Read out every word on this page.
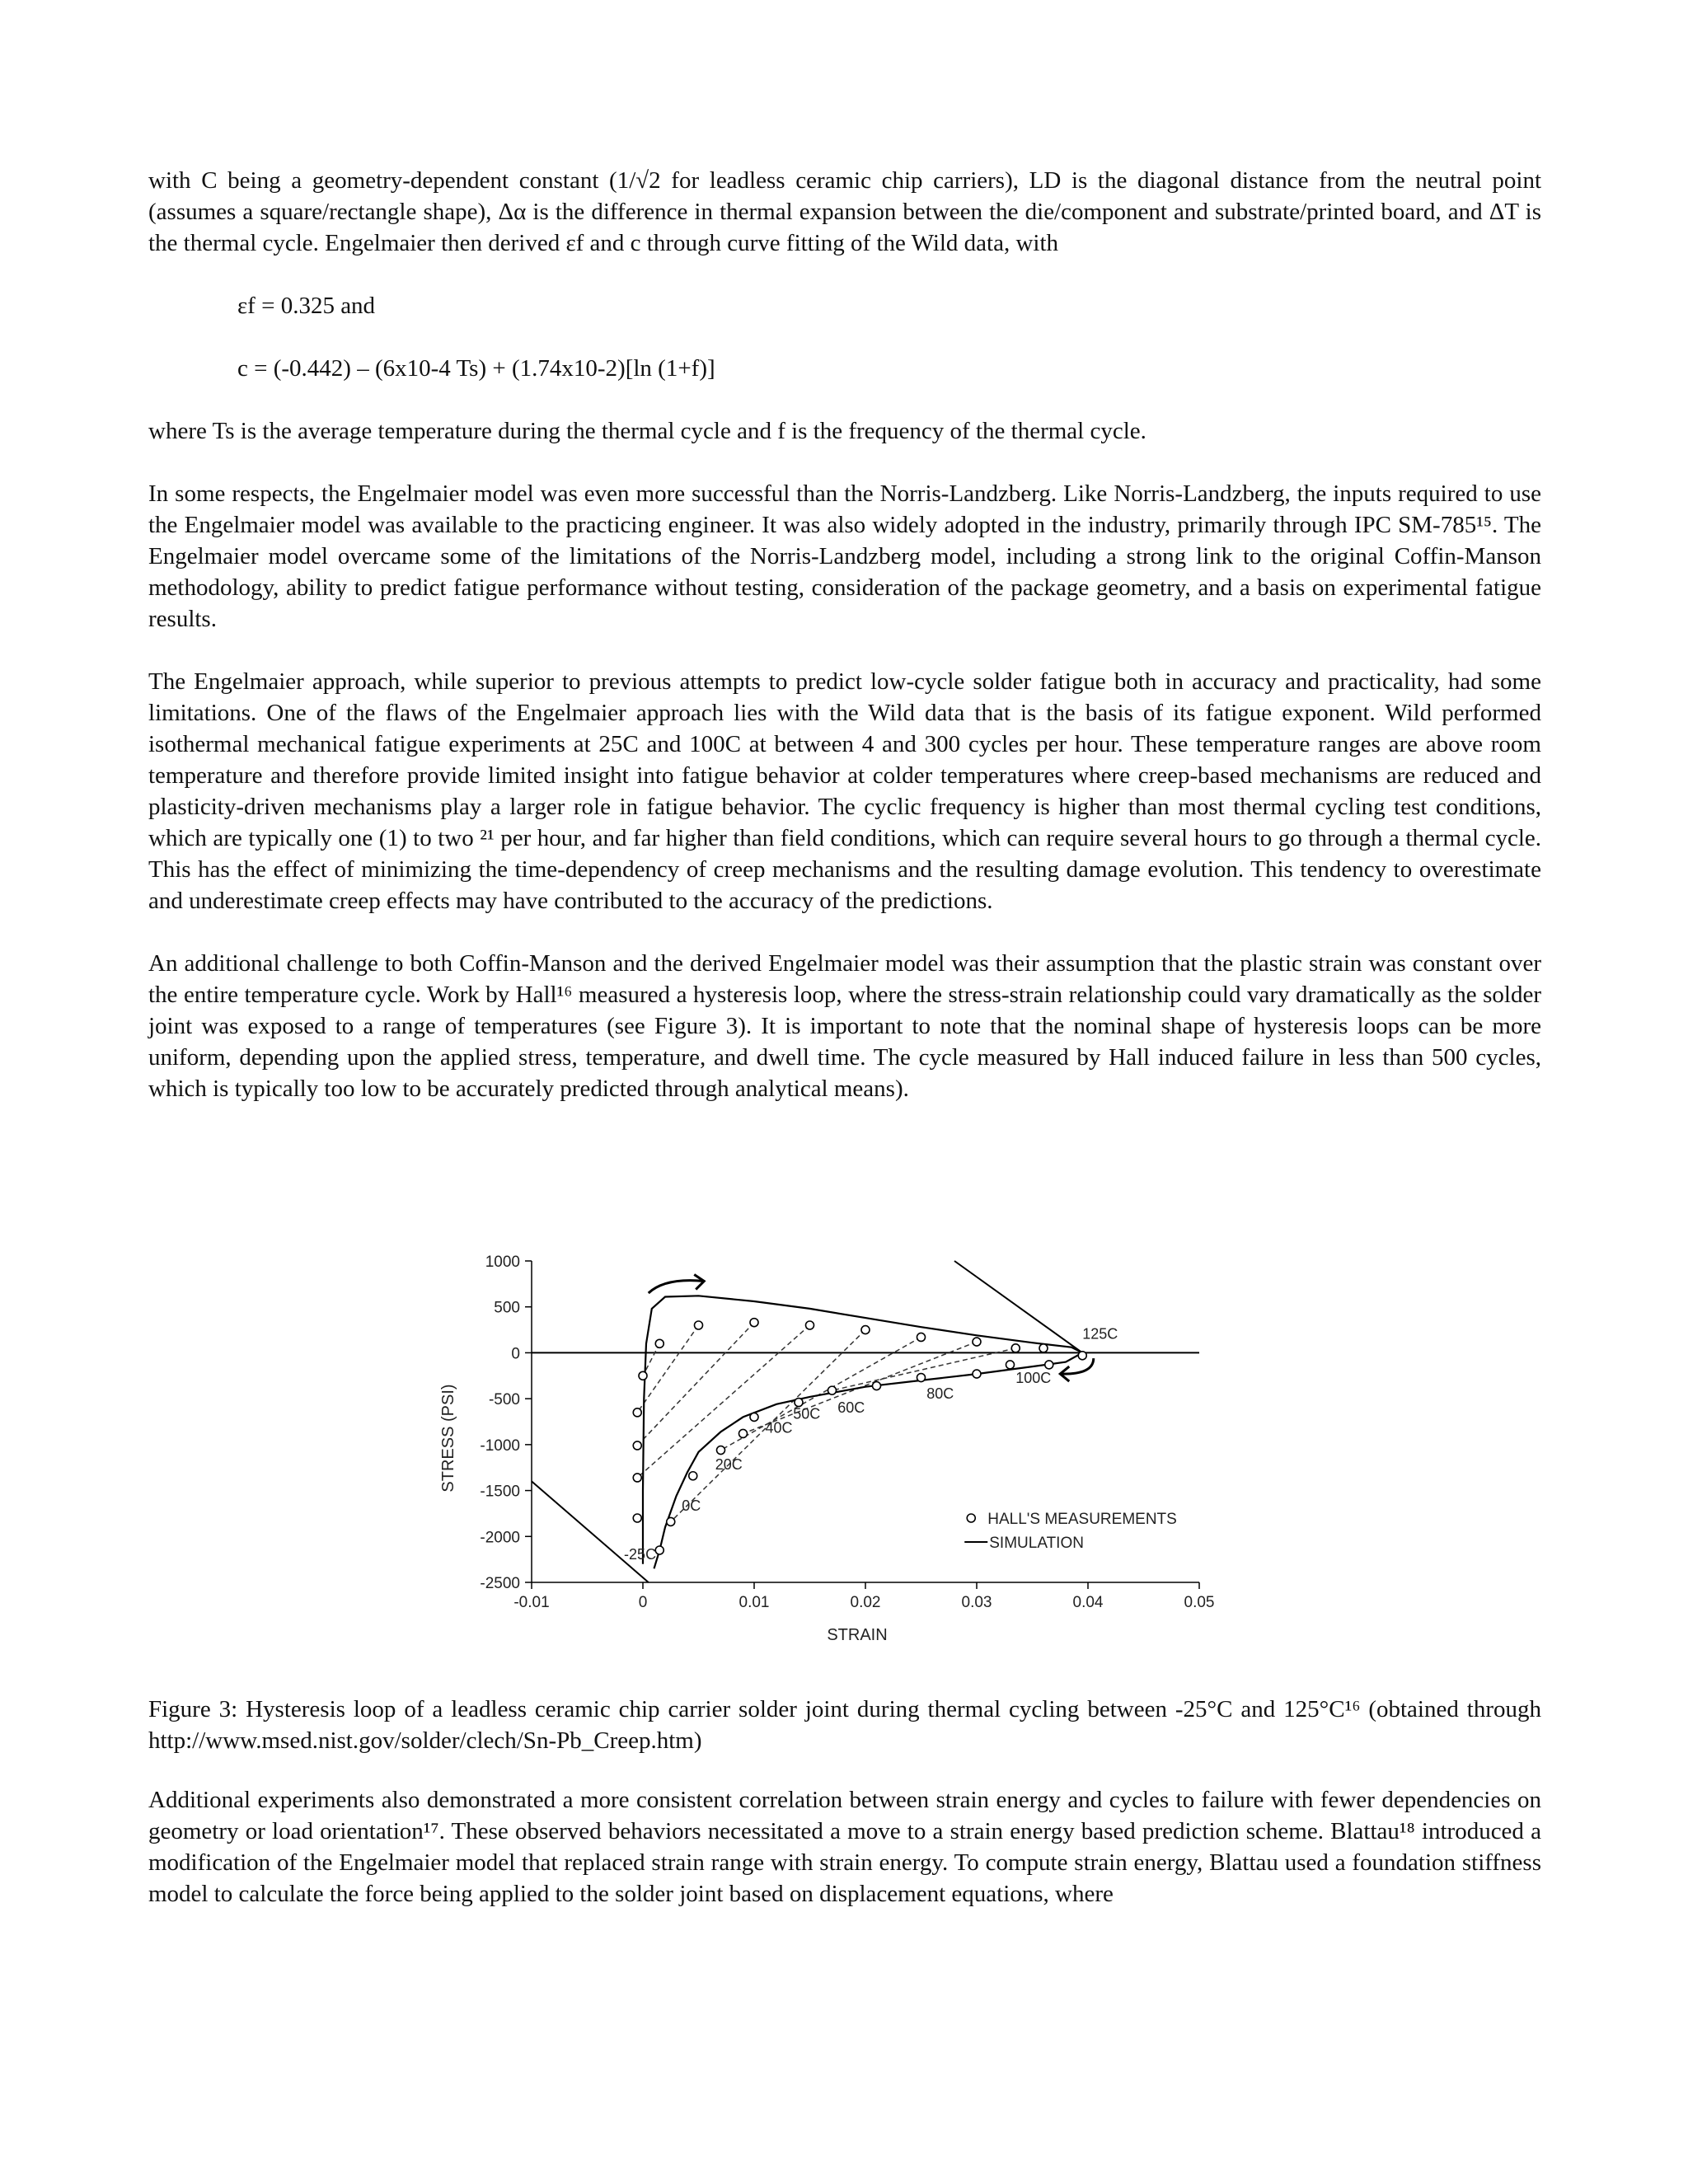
with C being a geometry-dependent constant (1/√2 for leadless ceramic chip carriers), LD is the diagonal distance from the neutral point (assumes a square/rectangle shape), Δα is the difference in thermal expansion between the die/component and substrate/printed board, and ΔT is the thermal cycle. Engelmaier then derived εf and c through curve fitting of the Wild data, with

εf = 0.325 and

c = (-0.442) – (6x10-4 Ts) + (1.74x10-2)[ln (1+f)]

where Ts is the average temperature during the thermal cycle and f is the frequency of the thermal cycle.

In some respects, the Engelmaier model was even more successful than the Norris-Landzberg. Like Norris-Landzberg, the inputs required to use the Engelmaier model was available to the practicing engineer. It was also widely adopted in the industry, primarily through IPC SM-785¹⁵. The Engelmaier model overcame some of the limitations of the Norris-Landzberg model, including a strong link to the original Coffin-Manson methodology, ability to predict fatigue performance without testing, consideration of the package geometry, and a basis on experimental fatigue results.

The Engelmaier approach, while superior to previous attempts to predict low-cycle solder fatigue both in accuracy and practicality, had some limitations. One of the flaws of the Engelmaier approach lies with the Wild data that is the basis of its fatigue exponent. Wild performed isothermal mechanical fatigue experiments at 25C and 100C at between 4 and 300 cycles per hour. These temperature ranges are above room temperature and therefore provide limited insight into fatigue behavior at colder temperatures where creep-based mechanisms are reduced and plasticity-driven mechanisms play a larger role in fatigue behavior. The cyclic frequency is higher than most thermal cycling test conditions, which are typically one (1) to two ²¹ per hour, and far higher than field conditions, which can require several hours to go through a thermal cycle. This has the effect of minimizing the time-dependency of creep mechanisms and the resulting damage evolution. This tendency to overestimate and underestimate creep effects may have contributed to the accuracy of the predictions.

An additional challenge to both Coffin-Manson and the derived Engelmaier model was their assumption that the plastic strain was constant over the entire temperature cycle. Work by Hall¹⁶ measured a hysteresis loop, where the stress-strain relationship could vary dramatically as the solder joint was exposed to a range of temperatures (see Figure 3). It is important to note that the nominal shape of hysteresis loops can be more uniform, depending upon the applied stress, temperature, and dwell time. The cycle measured by Hall induced failure in less than 500 cycles, which is typically too low to be accurately predicted through analytical means).

-0.01	0	0.01	0.02	0.03	0.04	0.05
1000
500
0
-500
-1000
-1500
-2000
-2500
STRAIN
STRESS (PSI)
-25C
0C
20C
40C
50C 60C
80C
100C
125C
HALL'S MEASUREMENTS
SIMULATION

Figure 3: Hysteresis loop of a leadless ceramic chip carrier solder joint during thermal cycling between -25°C and 125°C¹⁶ (obtained through http://www.msed.nist.gov/solder/clech/Sn-Pb_Creep.htm)

Additional experiments also demonstrated a more consistent correlation between strain energy and cycles to failure with fewer dependencies on geometry or load orientation¹⁷. These observed behaviors necessitated a move to a strain energy based prediction scheme. Blattau¹⁸ introduced a modification of the Engelmaier model that replaced strain range with strain energy. To compute strain energy, Blattau used a foundation stiffness model to calculate the force being applied to the solder joint based on displacement equations, where
